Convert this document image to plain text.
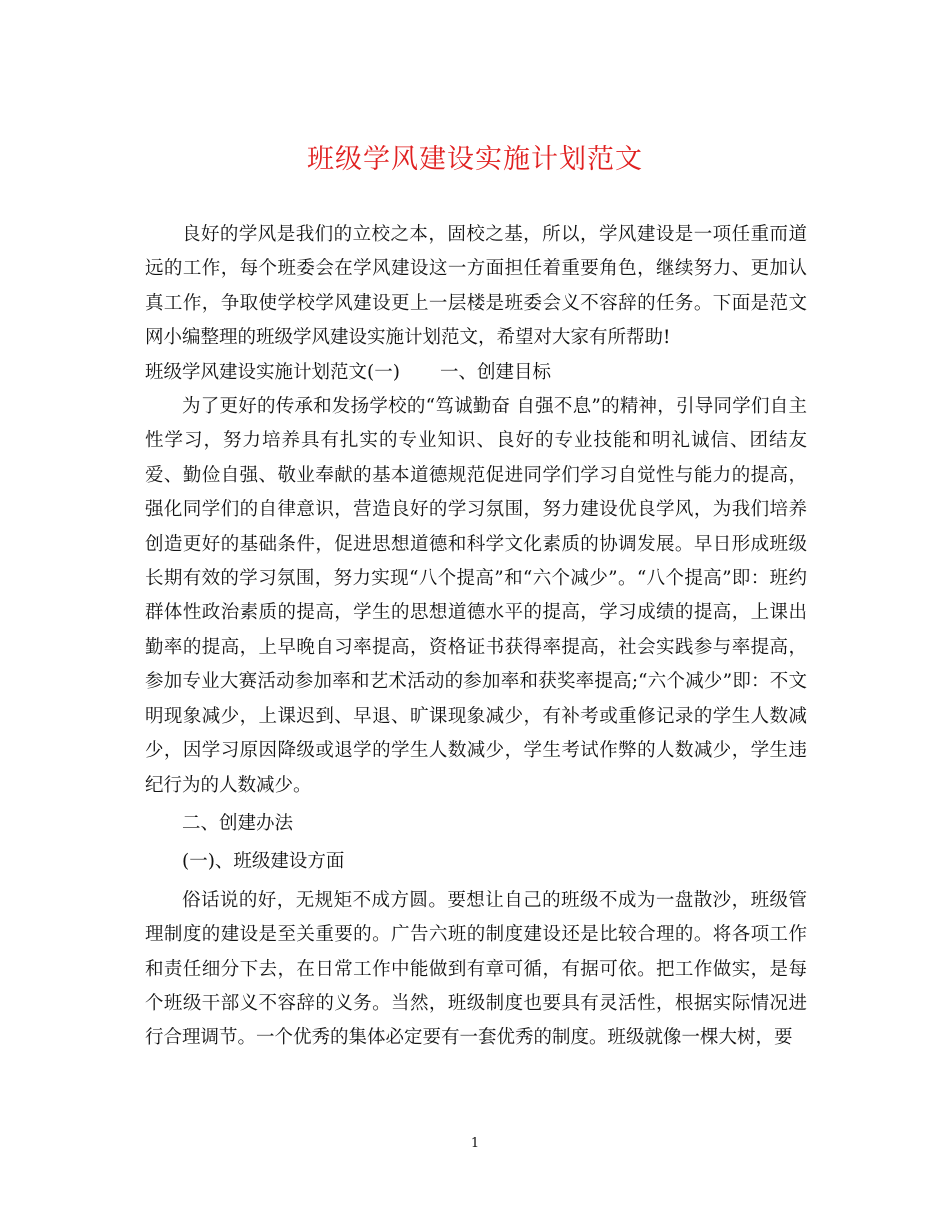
班级学风建设实施计划范文

良好的学风是我们的立校之本，固校之基，所以，学风建设是一项任重而道远的工作，每个班委会在学风建设这一方面担任着重要角色，继续努力、更加认真工作，争取使学校学风建设更上一层楼是班委会义不容辞的任务。下面是范文网小编整理的班级学风建设实施计划范文，希望对大家有所帮助!

班级学风建设实施计划范文(一) 一、创建目标

为了更好的传承和发扬学校的“笃诚勤奋 自强不息”的精神，引导同学们自主性学习，努力培养具有扎实的专业知识、良好的专业技能和明礼诚信、团结友爱、勤俭自强、敬业奉献的基本道德规范促进同学们学习自觉性与能力的提高，强化同学们的自律意识，营造良好的学习氛围，努力建设优良学风，为我们培养创造更好的基础条件，促进思想道德和科学文化素质的协调发展。早日形成班级长期有效的学习氛围，努力实现“八个提高”和“六个减少”。“八个提高”即：班约群体性政治素质的提高，学生的思想道德水平的提高，学习成绩的提高，上课出勤率的提高，上早晚自习率提高，资格证书获得率提高，社会实践参与率提高，参加专业大赛活动参加率和艺术活动的参加率和获奖率提高;“六个减少”即：不文明现象减少，上课迟到、早退、旷课现象减少，有补考或重修记录的学生人数减少，因学习原因降级或退学的学生人数减少，学生考试作弊的人数减少，学生违纪行为的人数减少。

二、创建办法

(一)、班级建设方面

俗话说的好，无规矩不成方圆。要想让自己的班级不成为一盘散沙，班级管理制度的建设是至关重要的。广告六班的制度建设还是比较合理的。将各项工作和责任细分下去，在日常工作中能做到有章可循，有据可依。把工作做实，是每个班级干部义不容辞的义务。当然，班级制度也要具有灵活性，根据实际情况进行合理调节。一个优秀的集体必定要有一套优秀的制度。班级就像一棵大树，要

1
